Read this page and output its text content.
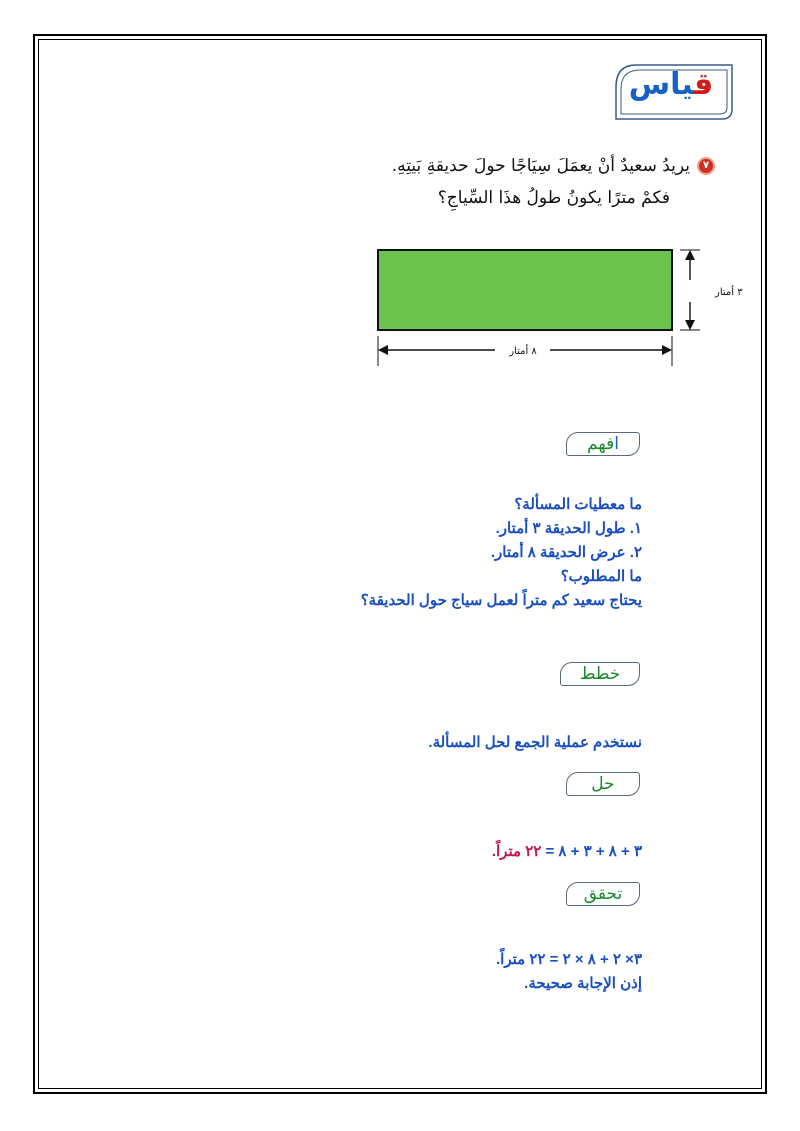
قياس
٧
يريدُ سعيدٌ أنْ يعمَلَ سِيَاجًا حولَ حديقةِ بَيتِهِ.
فكمْ مترًا يكونُ طولُ هذَا السِّياجِ؟
٣ أمتار
٨ أمتار
افهم
ما معطيات المسألة؟
١. طول الحديقة ٣ أمتار.
٢. عرض الحديقة ٨ أمتار.
ما المطلوب؟
يحتاج سعيد كم متراً لعمل سياج حول الحديقة؟
خطط
نستخدم عملية الجمع لحل المسألة.
حل
٣ + ٨ + ٣ + ٨ = ٢٢ متراً.
تحقق
٣× ٢ + ٨ × ٢ = ٢٢ متراً.
إذن الإجابة صحيحة.
